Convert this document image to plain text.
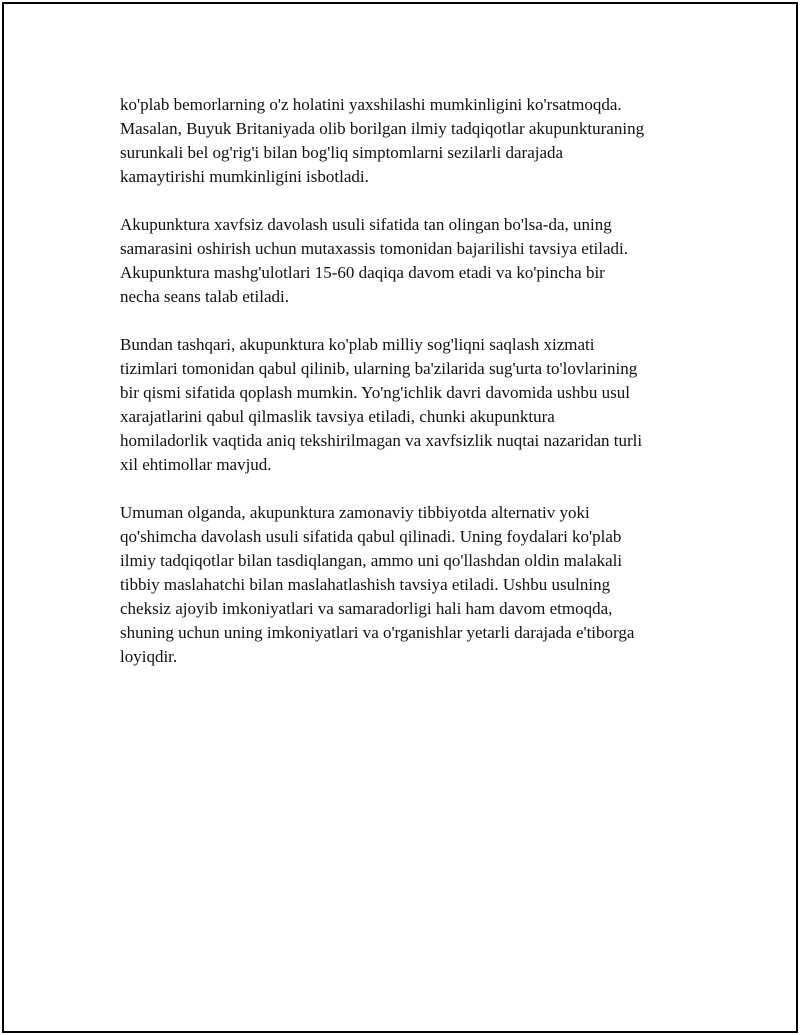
ko'plab bemorlarning o'z holatini yaxshilashi mumkinligini ko'rsatmoqda.
Masalan, Buyuk Britaniyada olib borilgan ilmiy tadqiqotlar akupunkturaning
surunkali bel og'rig'i bilan bog'liq simptomlarni sezilarli darajada
kamaytirishi mumkinligini isbotladi.

Akupunktura xavfsiz davolash usuli sifatida tan olingan bo'lsa-da, uning
samarasini oshirish uchun mutaxassis tomonidan bajarilishi tavsiya etiladi.
Akupunktura mashg'ulotlari 15-60 daqiqa davom etadi va ko'pincha bir
necha seans talab etiladi.

Bundan tashqari, akupunktura ko'plab milliy sog'liqni saqlash xizmati
tizimlari tomonidan qabul qilinib, ularning ba'zilarida sug'urta to'lovlarining
bir qismi sifatida qoplash mumkin. Yo'ng'ichlik davri davomida ushbu usul
xarajatlarini qabul qilmaslik tavsiya etiladi, chunki akupunktura
homiladorlik vaqtida aniq tekshirilmagan va xavfsizlik nuqtai nazaridan turli
xil ehtimollar mavjud.

Umuman olganda, akupunktura zamonaviy tibbiyotda alternativ yoki
qo'shimcha davolash usuli sifatida qabul qilinadi. Uning foydalari ko'plab
ilmiy tadqiqotlar bilan tasdiqlangan, ammo uni qo'llashdan oldin malakali
tibbiy maslahatchi bilan maslahatlashish tavsiya etiladi. Ushbu usulning
cheksiz ajoyib imkoniyatlari va samaradorligi hali ham davom etmoqda,
shuning uchun uning imkoniyatlari va o'rganishlar yetarli darajada e'tiborga
loyiqdir.
